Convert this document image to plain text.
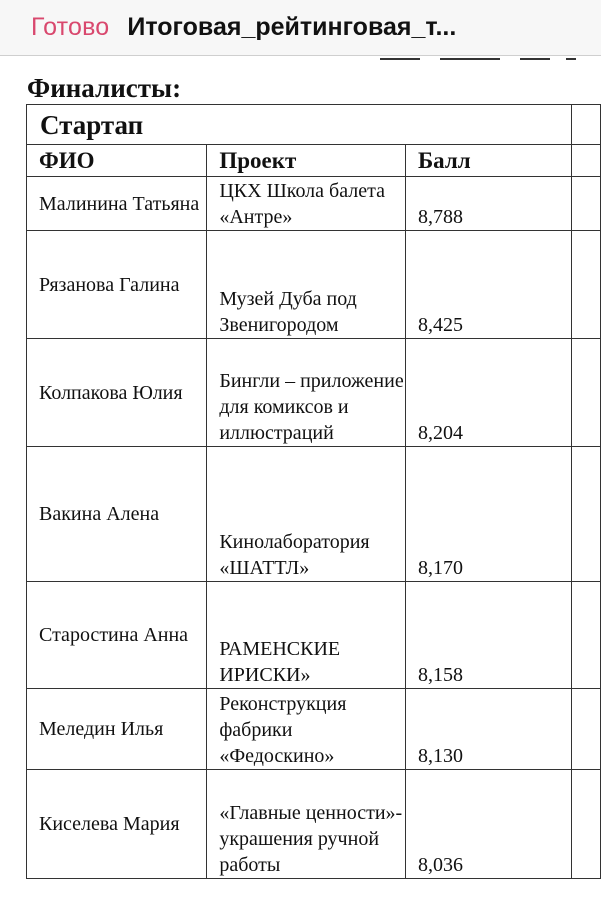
Готово Итоговая_рейтинговая_т...
Финалисты:
Стартап			
ФИО	Проект	Балл	
Малинина Татьяна	ЦКХ Школа балета «Антре»	8,788	
Рязанова Галина	Музей Дуба под Звенигородом	8,425	
Колпакова Юлия	Бингли – приложение для комиксов и иллюстраций	8,204	
Вакина Алена	Кинолаборатория «ШАТТЛ»	8,170	
Старостина Анна	РАМЕНСКИЕ ИРИСКИ»	8,158	
Меледин Илья	Реконструкция фабрики «Федоскино»	8,130	
Киселева Мария	«Главные ценности»- украшения ручной работы	8,036	
